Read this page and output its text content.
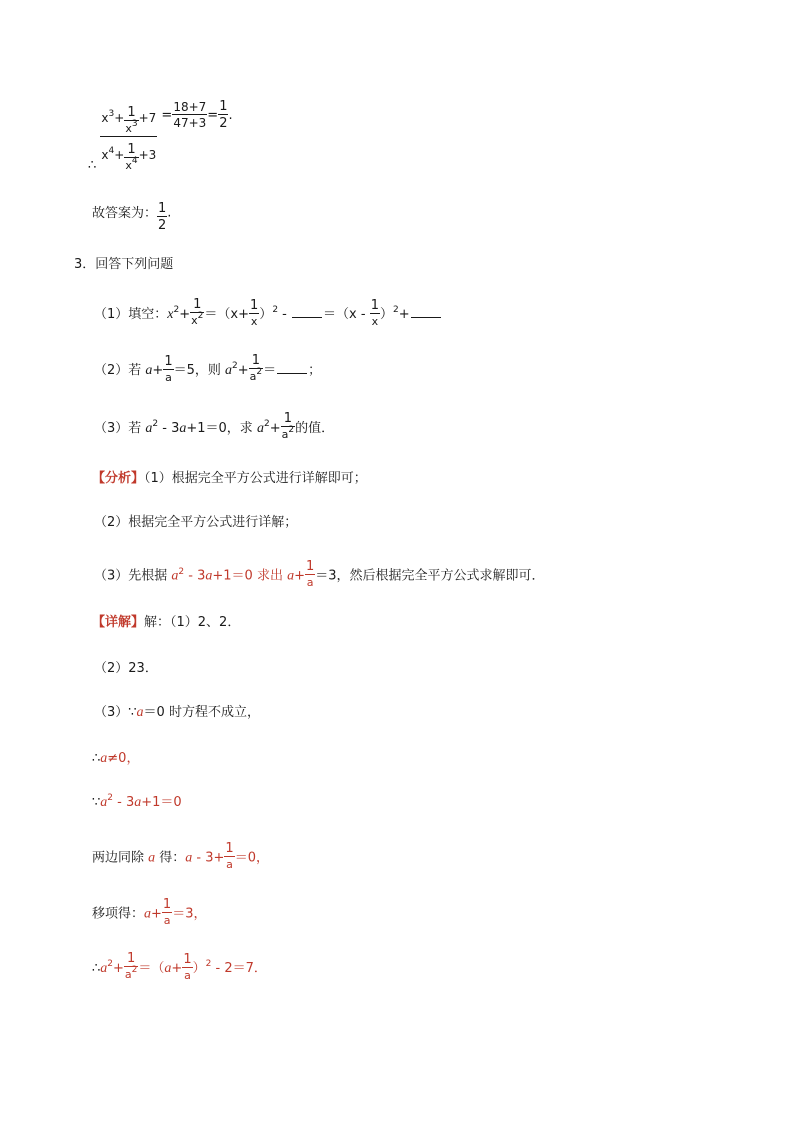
∴ $\frac{x^3+ \frac{1}{x^3} +7}{x^4+ \frac{1}{x^4} +3} = \frac{18+7}{47+3} = \frac{1}{2}$ .
故答案为： $\frac{1}{2}$ .
3．回答下列问题
（1）填空：$x^2+ \frac{1}{x^2} =(x+ \frac{1}{x} )^2 - =(x - \frac{1}{x} )^2+$
（2）若 $a+ \frac{1}{a} =5$，则 $a^2+ \frac{1}{a^2}$ ＝ ；
（3）若 $a^2 - 3a+1=0$，求 $a^2+ \frac{1}{a^2}$ 的值．
【分析】（1）根据完全平方公式进行详解即可；
（2）根据完全平方公式进行详解；
（3）先根据 $a^2 - 3a+1=0$ 求出 $a+ \frac{1}{a} =3$，然后根据完全平方公式求解即可．
【详解】解：（1）2、2．
（2）23．
（3）∵a＝0 时方程不成立，
∴a≠0，
$\because a^2 - 3a+1=0$
两边同除 a 得：$a - 3+ \frac{1}{a} =0$，
移项得：$a+ \frac{1}{a} =3$，
$\therefore a^2+ \frac{1}{a^2} =(a+ \frac{1}{a} )^2 - 2=7$．
